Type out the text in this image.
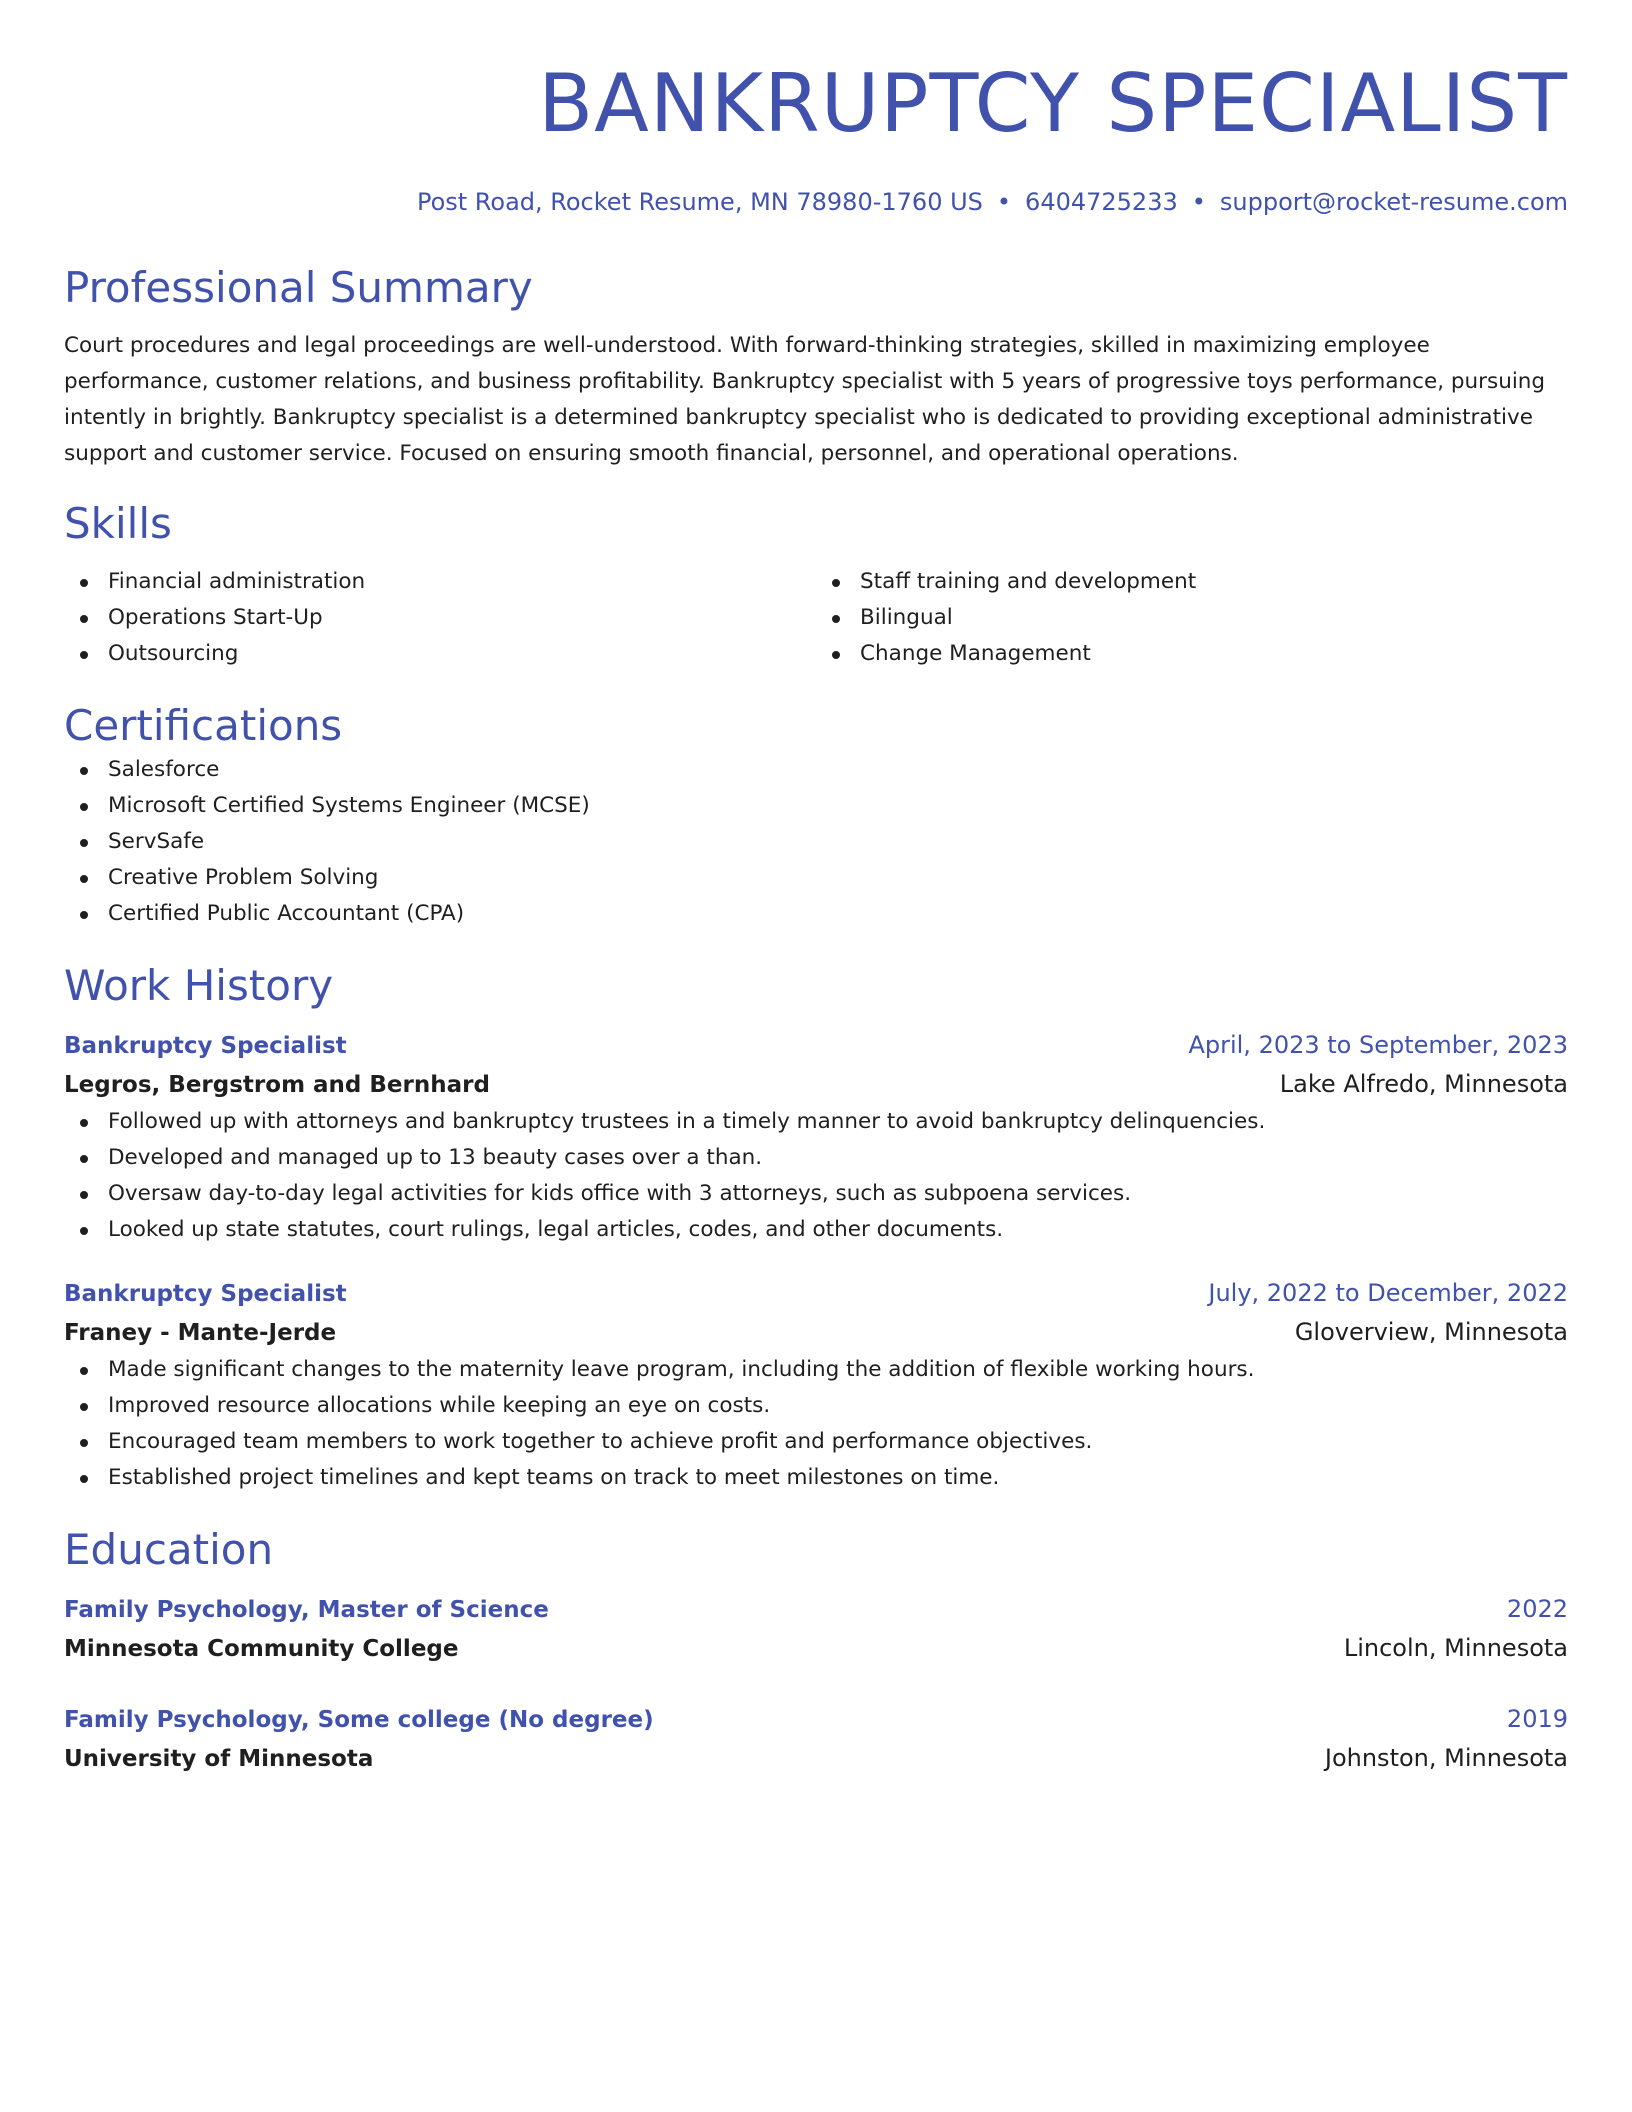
BANKRUPTCY SPECIALIST
Post Road, Rocket Resume, MN 78980-1760 US • 6404725233 • support@rocket-resume.com
Professional Summary

Court procedures and legal proceedings are well-understood. With forward-thinking strategies, skilled in maximizing employee performance, customer relations, and business profitability. Bankruptcy specialist with 5 years of progressive toys performance, pursuing intently in brightly. Bankruptcy specialist is a determined bankruptcy specialist who is dedicated to providing exceptional administrative support and customer service. Focused on ensuring smooth financial, personnel, and operational operations.

Skills
Financial administration
Operations Start-Up
Outsourcing
Staff training and development
Bilingual
Change Management
Certifications
Salesforce
Microsoft Certified Systems Engineer (MCSE)
ServSafe
Creative Problem Solving
Certified Public Accountant (CPA)
Work History
Bankruptcy Specialist	April, 2023 to September, 2023
Legros, Bergstrom and Bernhard	Lake Alfredo, Minnesota
Followed up with attorneys and bankruptcy trustees in a timely manner to avoid bankruptcy delinquencies.
Developed and managed up to 13 beauty cases over a than.
Oversaw day-to-day legal activities for kids office with 3 attorneys, such as subpoena services.
Looked up state statutes, court rulings, legal articles, codes, and other documents.
Bankruptcy Specialist	July, 2022 to December, 2022
Franey - Mante-Jerde	Gloverview, Minnesota
Made significant changes to the maternity leave program, including the addition of flexible working hours.
Improved resource allocations while keeping an eye on costs.
Encouraged team members to work together to achieve profit and performance objectives.
Established project timelines and kept teams on track to meet milestones on time.
Education
Family Psychology, Master of Science	2022
Minnesota Community College	Lincoln, Minnesota
Family Psychology, Some college (No degree)	2019
University of Minnesota	Johnston, Minnesota
